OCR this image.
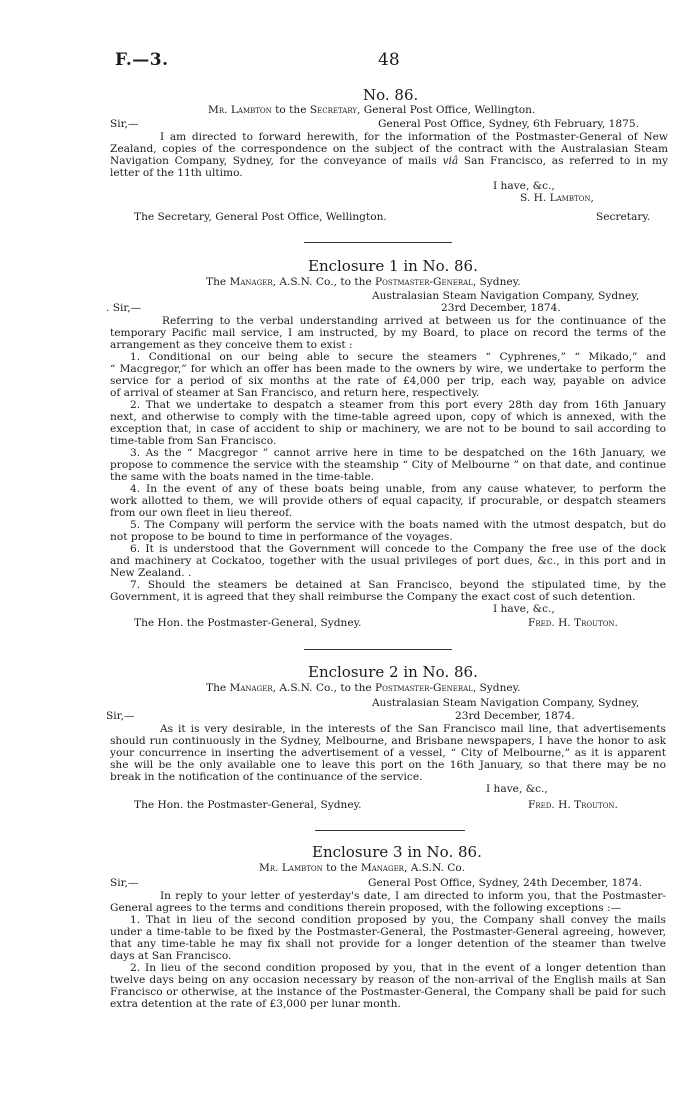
F.—3.	48
No. 86.
Mr. Lambton to the Secretary, General Post Office, Wellington.
Sir,—	General Post Office, Sydney, 6th February, 1875.
I am directed to forward herewith, for the information of the Postmaster-General of New
Zealand, copies of the correspondence on the subject of the contract with the Australasian Steam
Navigation Company, Sydney, for the conveyance of mails viâ San Francisco, as referred to in my
letter of the 11th ultimo.
I have, &c.,
S. H. Lambton,
The Secretary, General Post Office, Wellington.	Secretary.
Enclosure 1 in No. 86.
The Manager, A.S.N. Co., to the Postmaster-General, Sydney.
Australasian Steam Navigation Company, Sydney,
. Sir,—	23rd December, 1874.
Referring to the verbal understanding arrived at between us for the continuance of the
temporary Pacific mail service, I am instructed, by my Board, to place on record the terms of the
arrangement as they conceive them to exist :
1. Conditional on our being able to secure the steamers “ Cyphrenes,” “ Mikado,” and
“ Macgregor,” for which an offer has been made to the owners by wire, we undertake to perform the
service for a period of six months at the rate of £4,000 per trip, each way, payable on advice
of arrival of steamer at San Francisco, and return here, respectively.
2. That we undertake to despatch a steamer from this port every 28th day from 16th January
next, and otherwise to comply with the time-table agreed upon, copy of which is annexed, with the
exception that, in case of accident to ship or machinery, we are not to be bound to sail according to
time-table from San Francisco.
3. As the “ Macgregor ” cannot arrive here in time to be despatched on the 16th January, we
propose to commence the service with the steamship “ City of Melbourne ” on that date, and continue
the same with the boats named in the time-table.
4. In the event of any of these boats being unable, from any cause whatever, to perform the
work allotted to them, we will provide others of equal capacity, if procurable, or despatch steamers
from our own fleet in lieu thereof.
5. The Company will perform the service with the boats named with the utmost despatch, but do
not propose to be bound to time in performance of the voyages.
6. It is understood that the Government will concede to the Company the free use of the dock
and machinery at Cockatoo, together with the usual privileges of port dues, &c., in this port and in
New Zealand. .
7. Should the steamers be detained at San Francisco, beyond the stipulated time, by the
Government, it is agreed that they shall reimburse the Company the exact cost of such detention.
I have, &c.,
The Hon. the Postmaster-General, Sydney.	Fred. H. Trouton.
Enclosure 2 in No. 86.
The Manager, A.S.N. Co., to the Postmaster-General, Sydney.
Australasian Steam Navigation Company, Sydney,
Sir,—	23rd December, 1874.
As it is very desirable, in the interests of the San Francisco mail line, that advertisements
should run continuously in the Sydney, Melbourne, and Brisbane newspapers, I have the honor to ask
your concurrence in inserting the advertisement of a vessel, “ City of Melbourne,” as it is apparent
she will be the only available one to leave this port on the 16th January, so that there may be no
break in the notification of the continuance of the service.
I have, &c.,
The Hon. the Postmaster-General, Sydney.	Fred. H. Trouton.
Enclosure 3 in No. 86.
Mr. Lambton to the Manager, A.S.N. Co.
Sir,—	General Post Office, Sydney, 24th December, 1874.
In reply to your letter of yesterday's date, I am directed to inform you, that the Postmaster-
General agrees to the terms and conditions therein proposed, with the following exceptions :—
1. That in lieu of the second condition proposed by you, the Company shall convey the mails
under a time-table to be fixed by the Postmaster-General, the Postmaster-General agreeing, however,
that any time-table he may fix shall not provide for a longer detention of the steamer than twelve
days at San Francisco.
2. In lieu of the second condition proposed by you, that in the event of a longer detention than
twelve days being on any occasion necessary by reason of the non-arrival of the English mails at San
Francisco or otherwise, at the instance of the Postmaster-General, the Company shall be paid for such
extra detention at the rate of £3,000 per lunar month.
